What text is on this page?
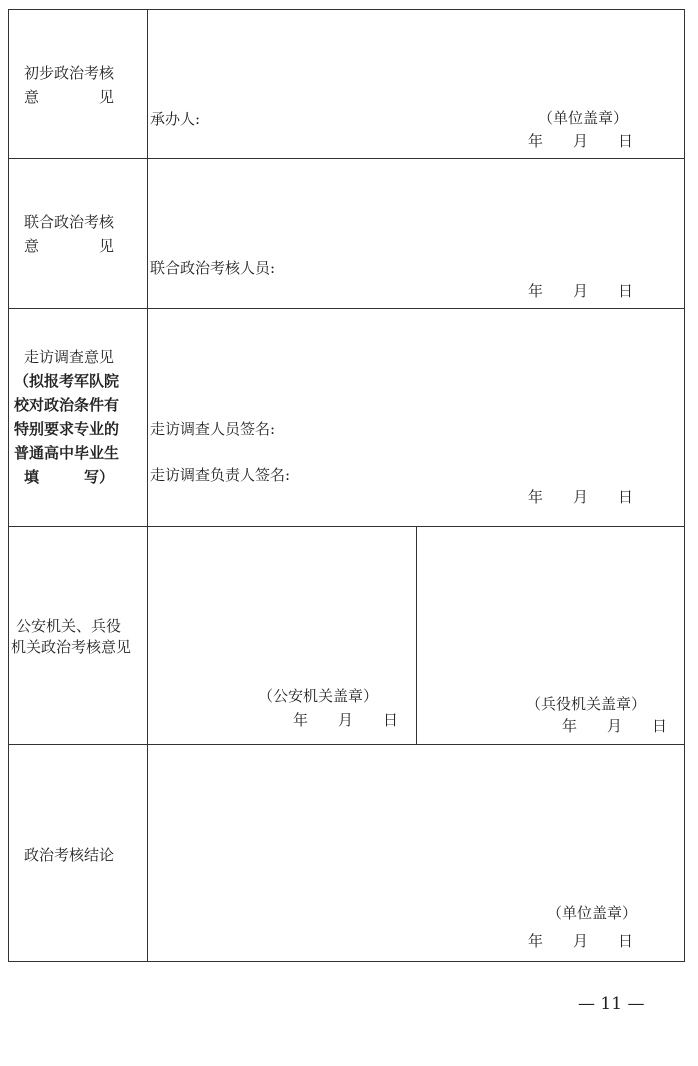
初步政治考核
意　　　　见
承办人:	（单位盖章）
年　　月　　日
联合政治考核
意　　　　见
联合政治考核人员:
年　　月　　日
走访调查意见
（拟报考军队院
校对政治条件有
特别要求专业的
普通高中毕业生
填　　　写）
走访调查人员签名:
走访调查负责人签名:
年　　月　　日
公安机关、兵役
机关政治考核意见
（公安机关盖章）
年　　月　　日
（兵役机关盖章）
年　　月　　日
政治考核结论
（单位盖章）
年　　月　　日
— 11 —
